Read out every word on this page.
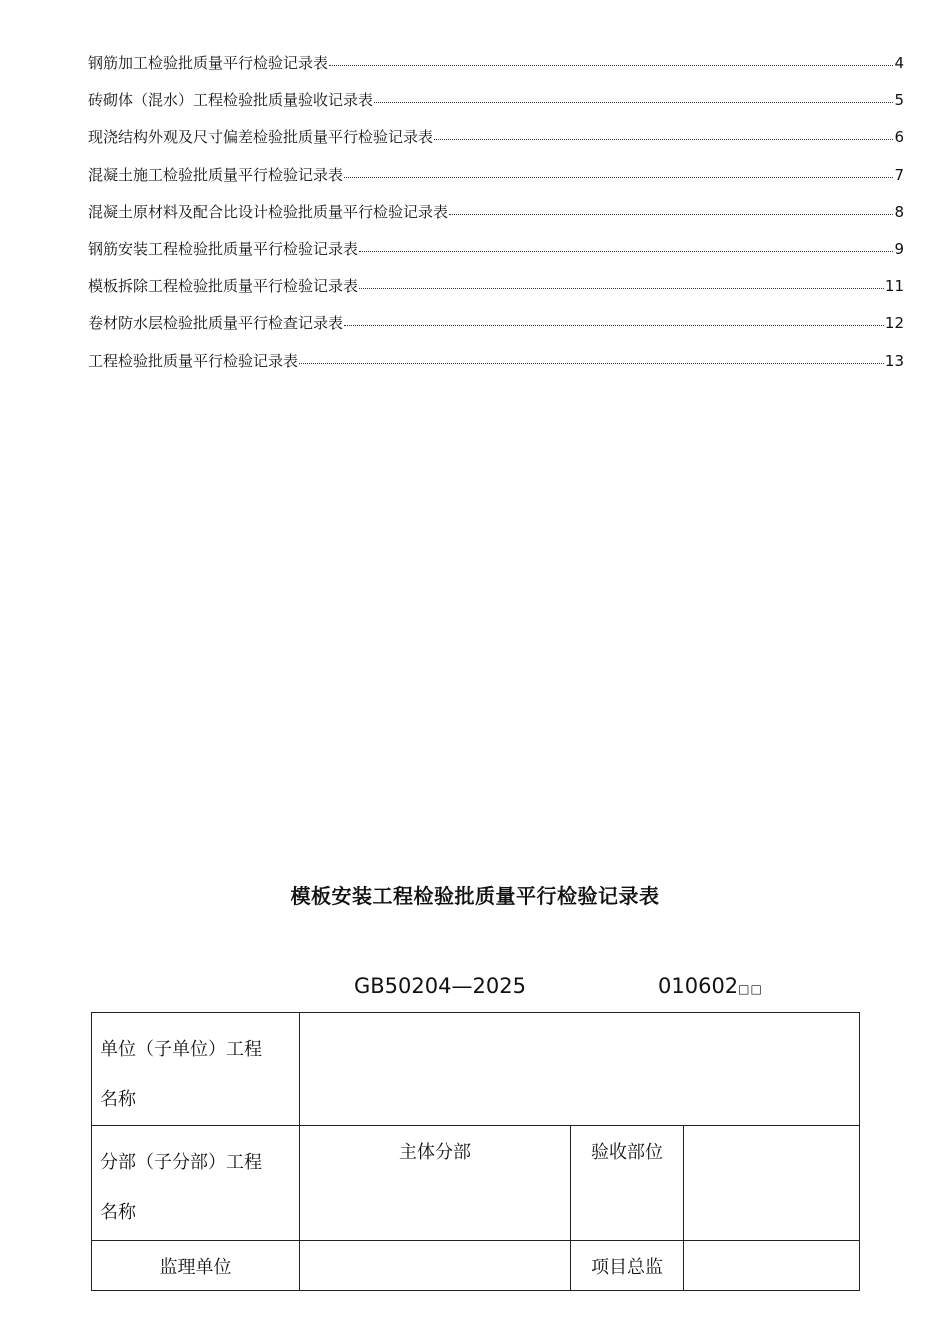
钢筋加工检验批质量平行检验记录表	4
砖砌体（混水）工程检验批质量验收记录表	5
现浇结构外观及尺寸偏差检验批质量平行检验记录表	6
混凝土施工检验批质量平行检验记录表	7
混凝土原材料及配合比设计检验批质量平行检验记录表	8
钢筋安装工程检验批质量平行检验记录表	9
模板拆除工程检验批质量平行检验记录表	11
卷材防水层检验批质量平行检查记录表	12
工程检验批质量平行检验记录表	13
模板安装工程检验批质量平行检验记录表
GB50204—2025	010602□□
单位（子单位）工程
名称			

分部（子分部）工程
名称	主体分部	验收部位	
监理单位		项目总监	
